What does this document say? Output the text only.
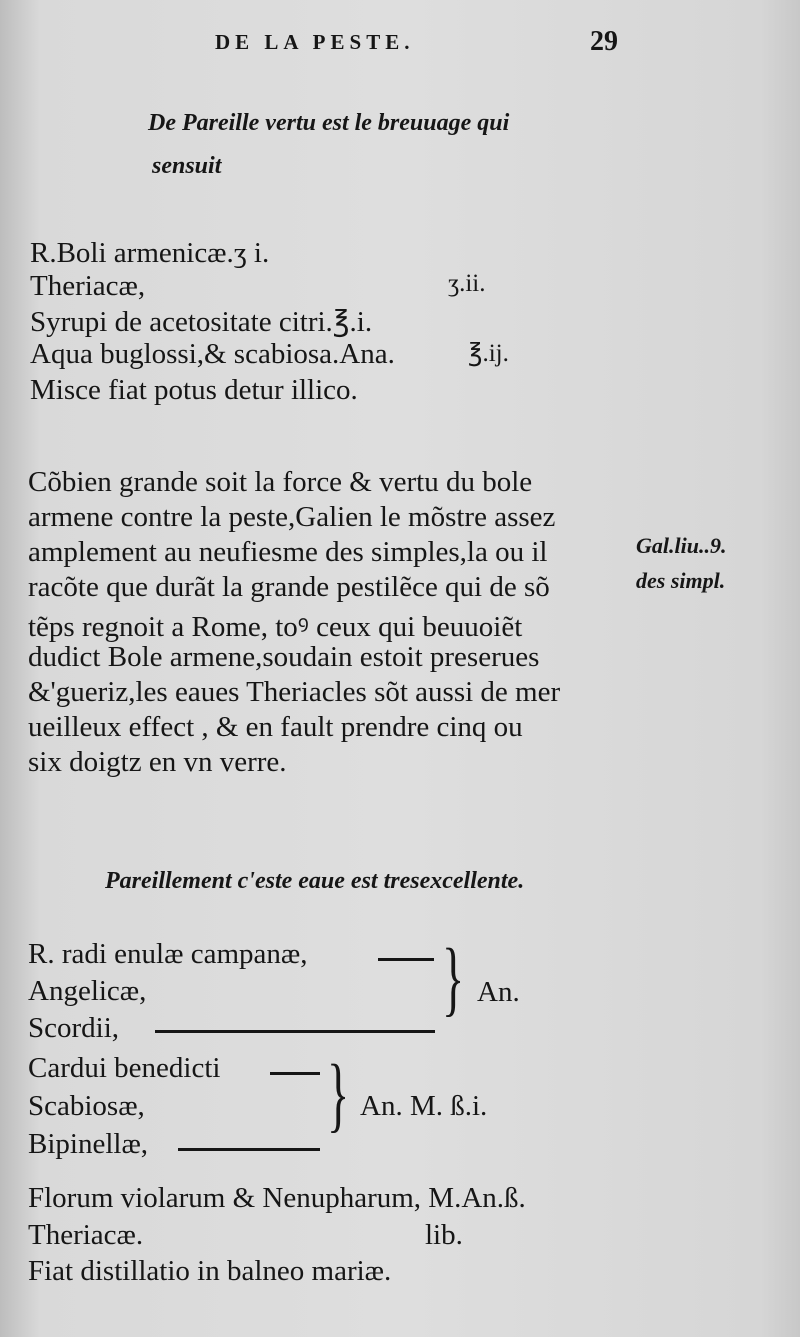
DE LA PESTE.	29
De Pareille vertu est le breuuage qui
sensuit
R.Boli armenicæ.ʒ i.
Theriacæ,	ʒ.ii.
Syrupi de acetositate citri.℥.i.
Aqua buglossi,& scabiosa.Ana.	℥.ij.
Misce fiat potus detur illico.
Cõbien grande soit la force & vertu du bole
armene contre la peste,Galien le mõstre assez
amplement au neufiesme des simples,la ou il
racõte que durãt la grande pestilẽce qui de sõ
tẽps regnoit a Rome, toꝰ ceux qui beuuoiẽt
dudict Bole armene,soudain estoit preserues
&'gueriz,les eaues Theriacles sõt aussi de mer
ueilleux effect , & en fault prendre cinq ou
six doigtz en vn verre.
Gal.liu..9.
des simpl.
Pareillement c'este eaue est tresexcellente.
R. radi enulæ campanæ,
Angelicæ,
Scordii,
} An.
Cardui benedicti
Scabiosæ,
Bipinellæ,
} An. M. ß.i.
Florum violarum & Nenupharum, M.An.ß.
Theriacæ.	lib.
Fiat distillatio in balneo mariæ.
